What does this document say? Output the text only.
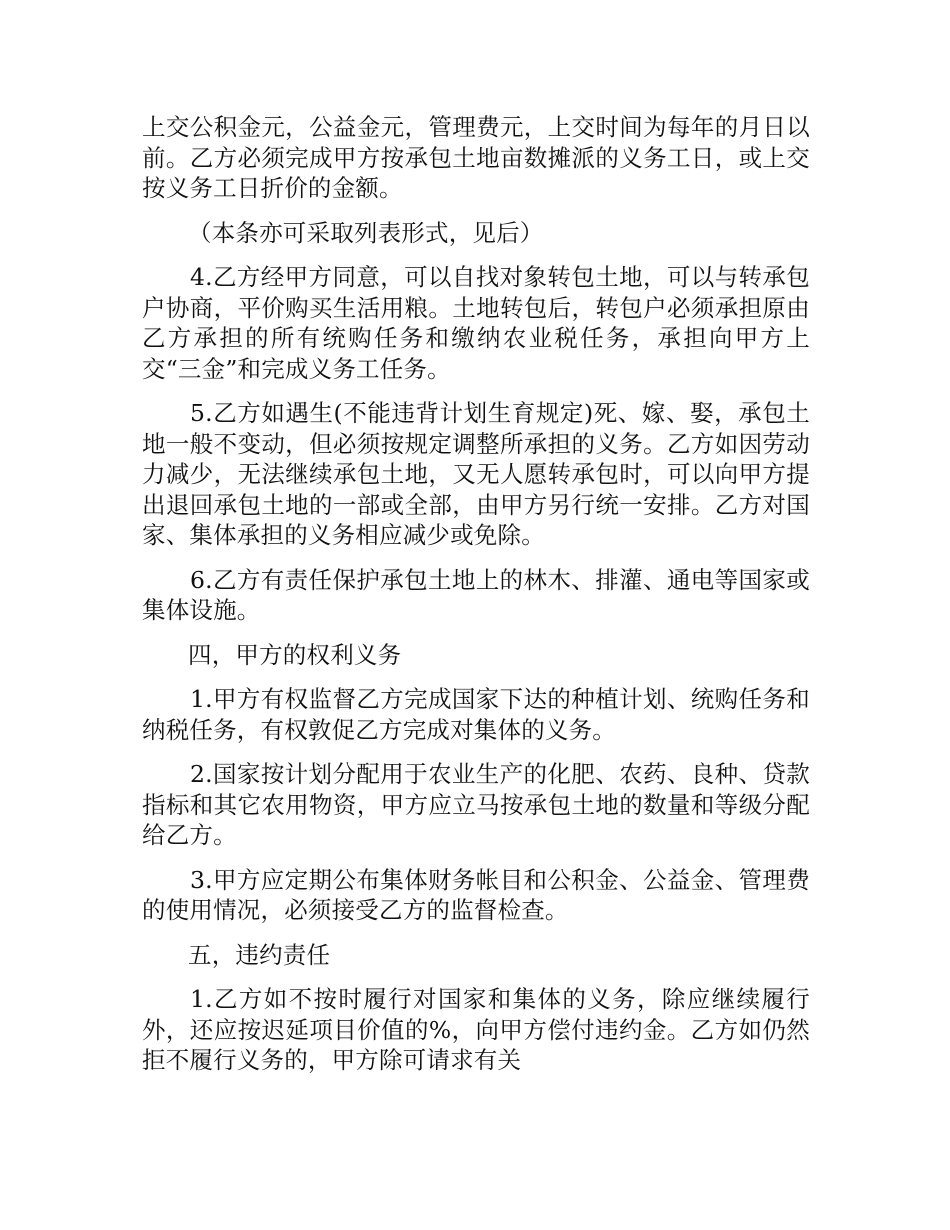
上交公积金元，公益金元，管理费元，上交时间为每年的月日以前。乙方必须完成甲方按承包土地亩数摊派的义务工日，或上交按义务工日折价的金额。

（本条亦可采取列表形式，见后）

4.乙方经甲方同意，可以自找对象转包土地，可以与转承包户协商，平价购买生活用粮。土地转包后，转包户必须承担原由乙方承担的所有统购任务和缴纳农业税任务，承担向甲方上交“三金”和完成义务工任务。

5.乙方如遇生(不能违背计划生育规定)死、嫁、娶，承包土地一般不变动，但必须按规定调整所承担的义务。乙方如因劳动力减少，无法继续承包土地，又无人愿转承包时，可以向甲方提出退回承包土地的一部或全部，由甲方另行统一安排。乙方对国家、集体承担的义务相应减少或免除。

6.乙方有责任保护承包土地上的林木、排灌、通电等国家或集体设施。

四，甲方的权利义务

1.甲方有权监督乙方完成国家下达的种植计划、统购任务和纳税任务，有权敦促乙方完成对集体的义务。

2.国家按计划分配用于农业生产的化肥、农药、良种、贷款指标和其它农用物资，甲方应立马按承包土地的数量和等级分配给乙方。

3.甲方应定期公布集体财务帐目和公积金、公益金、管理费的使用情况，必须接受乙方的监督检查。

五，违约责任

1.乙方如不按时履行对国家和集体的义务，除应继续履行外，还应按迟延项目价值的%，向甲方偿付违约金。乙方如仍然拒不履行义务的，甲方除可请求有关
